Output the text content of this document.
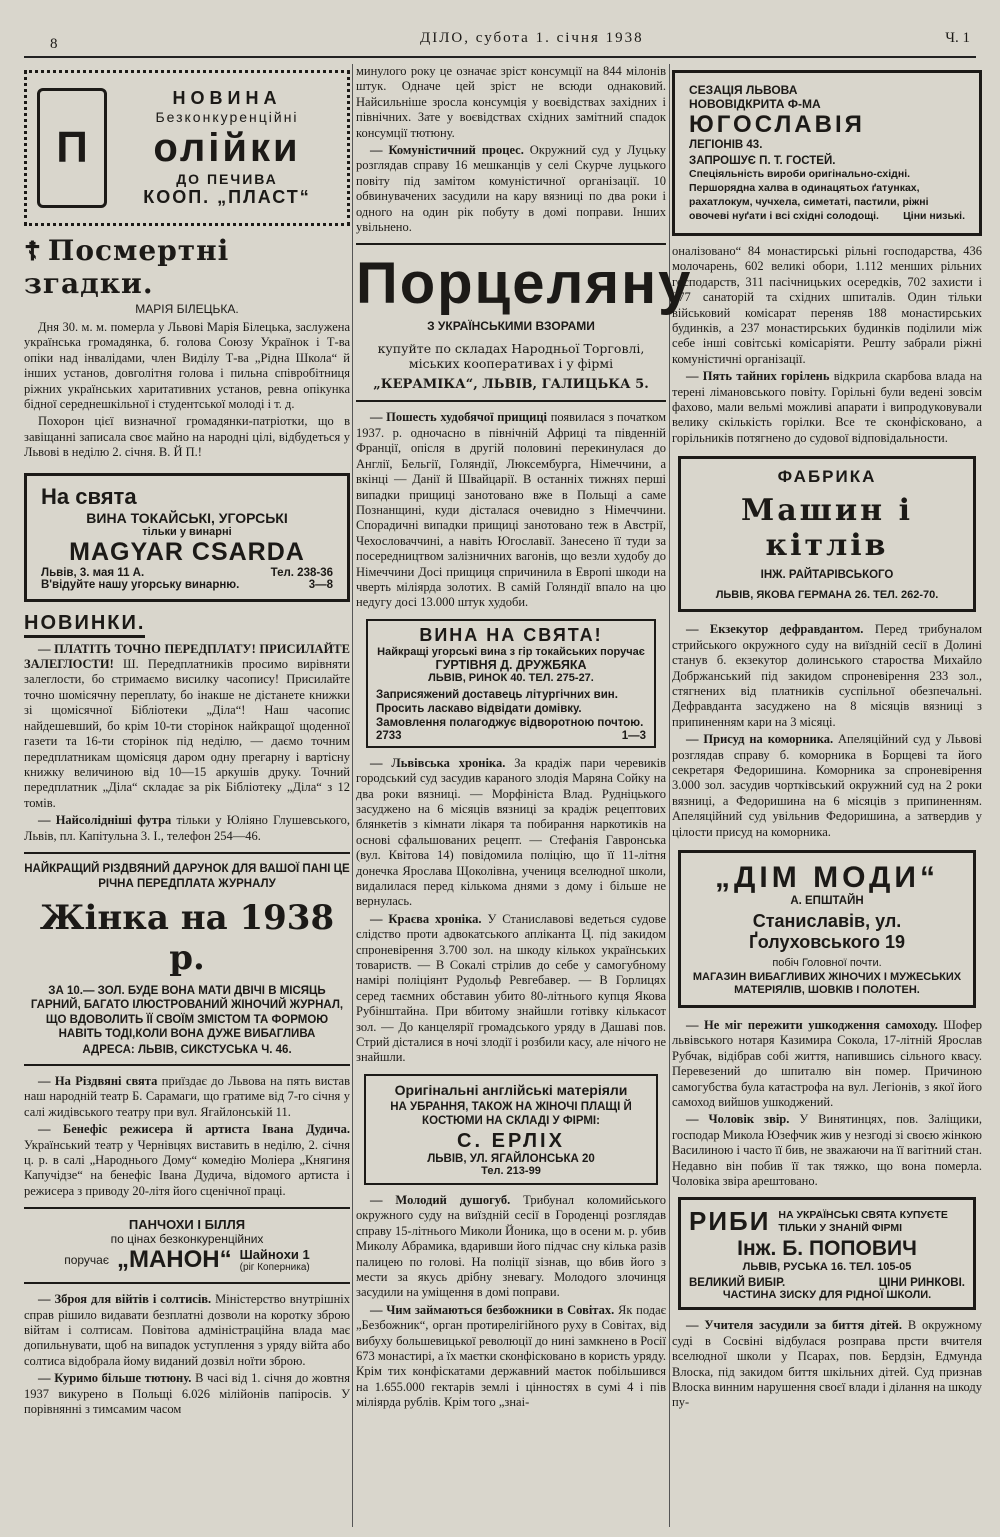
8	ДІЛО, субота 1. січня 1938	Ч. 1
П
НОВИНА
Безконкуренційні
олійки
ДО ПЕЧИВА
КООП. „ПЛАСТ“
☦ Посмертні згадки.
МАРІЯ БІЛЕЦЬКА.

Дня 30. м. м. померла у Львові Марія Білецька, заслужена українська громадянка, б. голова Союзу Українок і Т-ва опіки над інвалідами, член Виділу Т-ва „Рідна Школа“ й інших установ, довголітня голова і пильна співробітниця ріжних українських харитативних установ, ревна опікунка бідної середнешкільної і студентської молоді і т. д.

Похорон цієї визначної громадянки-патріотки, що в завіщанні записала своє майно на народні цілі, відбудеться у Львові в неділю 2. січня. В. Й П.!

На свята
ВИНА ТОКАЙСЬКІ, УГОРСЬКІ
тільки у винарні
MAGYAR CSARDA
Львів, 3. мая 11 А.	Тел. 238-36
В'відуйте нашу угорську винарню.	3—8
НОВИНКИ.

— ПЛАТІТЬ ТОЧНО ПЕРЕДПЛАТУ! ПРИСИЛАЙТЕ ЗАЛЕГЛОСТИ! Ш. Передплатників просимо вирівняти залеглости, бо стримаємо висилку часопису! Присилайте точно шомісячну переплату, бо інакше не дістанете книжки зі щомісячної Бібліотеки „Діла“! Наш часопис найдешевший, бо крім 10-ти сторінок найкращої щоденної газети та 16-ти сторінок під неділю, — даємо точним передплатникам щомісяця даром одну прегарну і вартісну книжку величиною від 10—15 аркушів друку. Точний передплатник „Діла“ складає за рік Бібліотеку „Діла“ з 12 томів.

— Найсолідніші футра тільки у Юліяно Глушевського, Львів, пл. Капітульна 3. І., телефон 254—46.

НАЙКРАЩИЙ РІЗДВЯНИЙ ДАРУНОК ДЛЯ ВАШОЇ ПАНІ ЦЕ РІЧНА ПЕРЕДПЛАТА ЖУРНАЛУ
Жінка на 1938 р.
ЗА 10.— ЗОЛ. БУДЕ ВОНА МАТИ ДВІЧІ В МІСЯЦЬ ГАРНИЙ, БАГАТО ІЛЮСТРОВАНИЙ ЖІНОЧИЙ ЖУРНАЛ, ЩО ВДОВОЛИТЬ ЇЇ СВОЇМ ЗМІСТОМ ТА ФОРМОЮ НАВІТЬ ТОДІ,КОЛИ ВОНА ДУЖЕ ВИБАГЛИВА
АДРЕСА: ЛЬВІВ, СИКСТУСЬКА Ч. 46.

— На Різдвяні свята приїздає до Львова на пять вистав наш народній театр Б. Сарамаги, що гратиме від 7-го січня у салі жидівського театру при вул. Ягайлонській 11.

— Бенефіс режисера й артиста Івана Дудича. Український театр у Чернівцях виставить в неділю, 2. січня ц. р. в салі „Народнього Дому“ комедію Моліера „Княгиня Капучідзе“ на бенефіс Івана Дудича, відомого артиста і режисера з приводу 20-літя його сценічної праці.

ПАНЧОХИ І БІЛЛЯ
по цінах безконкуренційних
поручає „МАНОН“ Шайноxи 1
(ріг Коперника)

— Зброя для війтів і солтисів. Міністерство внутрішніх справ рішило видавати безплатні дозволи на коротку зброю війтам і солтисам. Повітова адміністраційна влада має допильнувати, щоб на випадок уступлення з уряду війта або солтиса відобрала йому виданий дозвіл ноїти зброю.

— Куримо більше тютюну. В часі від 1. січня до жовтня 1937 викурено в Польщі 6.026 мілійонів папіросів. У порівнянні з тимсамим часом

минулого року це означає зріст консумції на 844 мілонів штук. Одначе цей зріст не всюди однаковий. Найсильніше зросла консумція у воєвідствах західних і північних. Зате у воєвідствах східних замітний спадок консумції тютюну.

— Комуністичний процес. Окружний суд у Луцьку розглядав справу 16 мешканців у селі Скурче луцького повіту під замітом комуністичної організації. 10 обвинувачених засудили на кару вязниці по два роки і одного на один рік побуту в домі поправи. Інших увільнено.

Порцеляну
З УКРАЇНСЬКИМИ ВЗОРАМИ
купуйте по складах Народньої Торговлі, міських кооперативах і у фірмі
„КЕРАМІКА“, ЛЬВІВ, ГАЛИЦЬКА 5.

— Пошесть худобячої прищиці появилася з початком 1937. р. одночасно в північній Африці та південній Франції, опісля в другій половині перекинулася до Англії, Бельгії, Голяндії, Люксембурга, Німеччини, а вкінці — Данії й Швайцарії. В останніх тижнях перші випадки прищиці занотовано вже в Польщі а саме Познанщині, куди дісталася очевидно з Німеччини. Спорадичні випадки прищиці занотовано теж в Австрії, Чехословаччині, а навіть Югославії. Занесено її туди за посередництвом залізничних вагонів, що везли худобу до Німеччини Досі прищиця спричинила в Европі шкоди на чверть міліярда золотих. В самій Голяндії впало на цю недугу досі 13.000 штук худоби.

ВИНА НА СВЯТА!
Найкращі угорські вина з гір токайських поручає
ГУРТІВНЯ Д. ДРУЖБЯКА
ЛЬВІВ, РИНОК 40. ТЕЛ. 275-27.
Заприсяжений доставець літургічних вин. Просить ласкаво відвідати домівку. Замовлення полагоджує відворотною почтою.
2733	1—3

— Львівська хроніка. За крадіж пари черевиків городський суд засудив караного злодія Маряна Сойку на два роки вязниці. — Морфініста Влад. Рудніцького засуджено на 6 місяців вязниці за крадіж рецептових блянкетів з кімнати лікаря та побирання наркотиків на основі сфальшованих рецепт. — Стефанія Гавронська (вул. Квітова 14) повідомила поліцію, що її 11-літня донечка Ярослава Щоколівна, учениця вселюдної школи, видалилася перед кількома днями з дому і більше не вернулась.

— Краєва хроніка. У Станиславові ведеться судове слідство проти адвокатського апліканта Ц. під закидом спроневірення 3.700 зол. на шкоду кількох українських товариств. — В Сокалі стрілив до себе у самогубному намірі поліціянт Рудольф Ревгебавер. — В Горлицях серед таємних обставин убито 80-літнього купця Якова Рубінштайна. При вбитому знайшли готівку кількасот зол. — До канцелярії громадського уряду в Дашаві пов. Стрий дісталися в ночі злодії і розбили касу, але нічого не знайшли.

Оригінальні англійські матеріяли
НА УБРАННЯ, ТАКОЖ НА ЖІНОЧІ ПЛАЩІ Й КОСТЮМИ НА СКЛАДІ У ФІРМІ:
С. ЕРЛІХ
ЛЬВІВ, УЛ. ЯГАЙЛОНСЬКА 20
Тел. 213-99

— Молодий душогуб. Трибунал коломийського окружного суду на виїздній сесії в Городенці розглядав справу 15-літнього Миколи Йоника, що в осени м. р. убив Миколу Абрамика, вдаривши його підчас сну кілька разів палицею по голові. На поліції зізнав, що вбив його з мести за якусь дрібну зневагу. Молодого злочинця засудили на уміщення в домі поправи.

— Чим займаються безбожники в Совітах. Як подає „Безбожник“, орган протирелігійного руху в Совітах, від вибуху большевицької революції до нині замкнено в Росії 673 монастирі, а їх маєтки сконфісковано в користь уряду. Крім тих конфіскатами державний маєток побільшився на 1.655.000 гектарів землі і цінностях в сумі 4 і пів міліярда рублів. Крім того „знаі-

СЕЗАЦІЯ ЛЬВОВА
НОВОВІДКРИТА Ф-МА
ЮГОСЛАВІЯ
ЛЕГІОНІВ 43.
ЗАПРОШУЄ П. Т. ГОСТЕЙ.
Спеціяльність вироби оригінально-східні. Першорядна халва в одинацятьох ґатунках, рахатлокум, чучхела, симетаті, пастили, ріжні овочеві нуґати і всі східні солодощі. Ціни низькі.

оналізовано“ 84 монастирські рільні господарства, 436 молочарень, 602 великі обори, 1.112 менших рільних господарств, 311 пасічницьких осередків, 702 захисти і 277 санаторій та східних шпиталів. Один тільки військовий комісарат переняв 188 монастирських будинків, а 237 монастирських будинків поділили між себе інші совітські комісаріяти. Решту забрали ріжні комуністичні організації.

— Пять тайних горілень відкрила скарбова влада на терені лімановського повіту. Горільні були ведені зовсім фахово, мали вельмі можливі апарати і випродуковували велику скількість горілки. Все те сконфісковано, а горільників потягнено до судової відповідальности.

ФАБРИКА
Машин і кітлів
ІНЖ. РАЙТАРІВСЬКОГО
ЛЬВІВ, ЯКОВА ГЕРМАНА 26. ТЕЛ. 262-70.

— Екзекутор дефравдантом. Перед трибуналом стрийського окружного суду на виїздній сесії в Долині станув б. екзекутор долинського староства Михайло Добржанський під закидом спроневірення 233 зол., стягнених від платників суспільної обезпечальні. Дефравданта засуджено на 8 місяців вязниці з припиненням кари на 3 місяці.

— Присуд на коморника. Апеляційний суд у Львові розглядав справу б. коморника в Борщеві та його секретаря Федоришина. Коморника за спроневірення 3.000 зол. засудив чортківський окружний суд на 2 роки вязниці, а Федоришина на 6 місяців з припиненням. Апеляційний суд увільнив Федоришина, а затвердив у цілости присуд на коморника.

„ДІМ МОДИ“
А. ЕПШТАЙН
Станиславів, ул. Ґолуховського 19
побіч Головної почти.
МАГАЗИН ВИБАГЛИВИХ ЖІНОЧИХ І МУЖЕСЬКИХ МАТЕРІЯЛІВ, ШОВКІВ І ПОЛОТЕН.

— Не міг пережити ушкодження самоходу. Шофер львівського нотаря Казимира Сокола, 17-літній Ярослав Рубчак, відібрав собі життя, напившись сільного квасу. Перевезений до шпиталю він помер. Причиною самогубства була катастрофа на вул. Легіонів, з якої його самоход вийшов ушкоджений.

— Чоловік звір. У Винятинцях, пов. Заліщики, господар Микола Юзефчик жив у незгоді зі своєю жінкою Василиною і часто її бив, не зважаючи на її вагітний стан. Недавно він побив її так тяжко, що вона померла. Чоловіка звіра арештовано.

РИБИ НА УКРАЇНСЬКІ СВЯТА КУПУЄТЕ ТІЛЬКИ У ЗНАНІЙ ФІРМІ
Інж. Б. ПОПОВИЧ
ЛЬВІВ, РУСЬКА 16. ТЕЛ. 105-05
ВЕЛИКИЙ ВИБІР.	ЦІНИ РИНКОВІ.
ЧАСТИНА ЗИСКУ ДЛЯ РІДНОЇ ШКОЛИ.

— Учителя засудили за биття дітей. В окружному суді в Сосвіні відбулася розправа прсти вчителя вселюдної школи у Псарах, пов. Бердзін, Едмунда Влоска, під закидом биття шкільних дітей. Суд признав Влоска винним нарушення своєї влади і ділання на шкоду пу-
